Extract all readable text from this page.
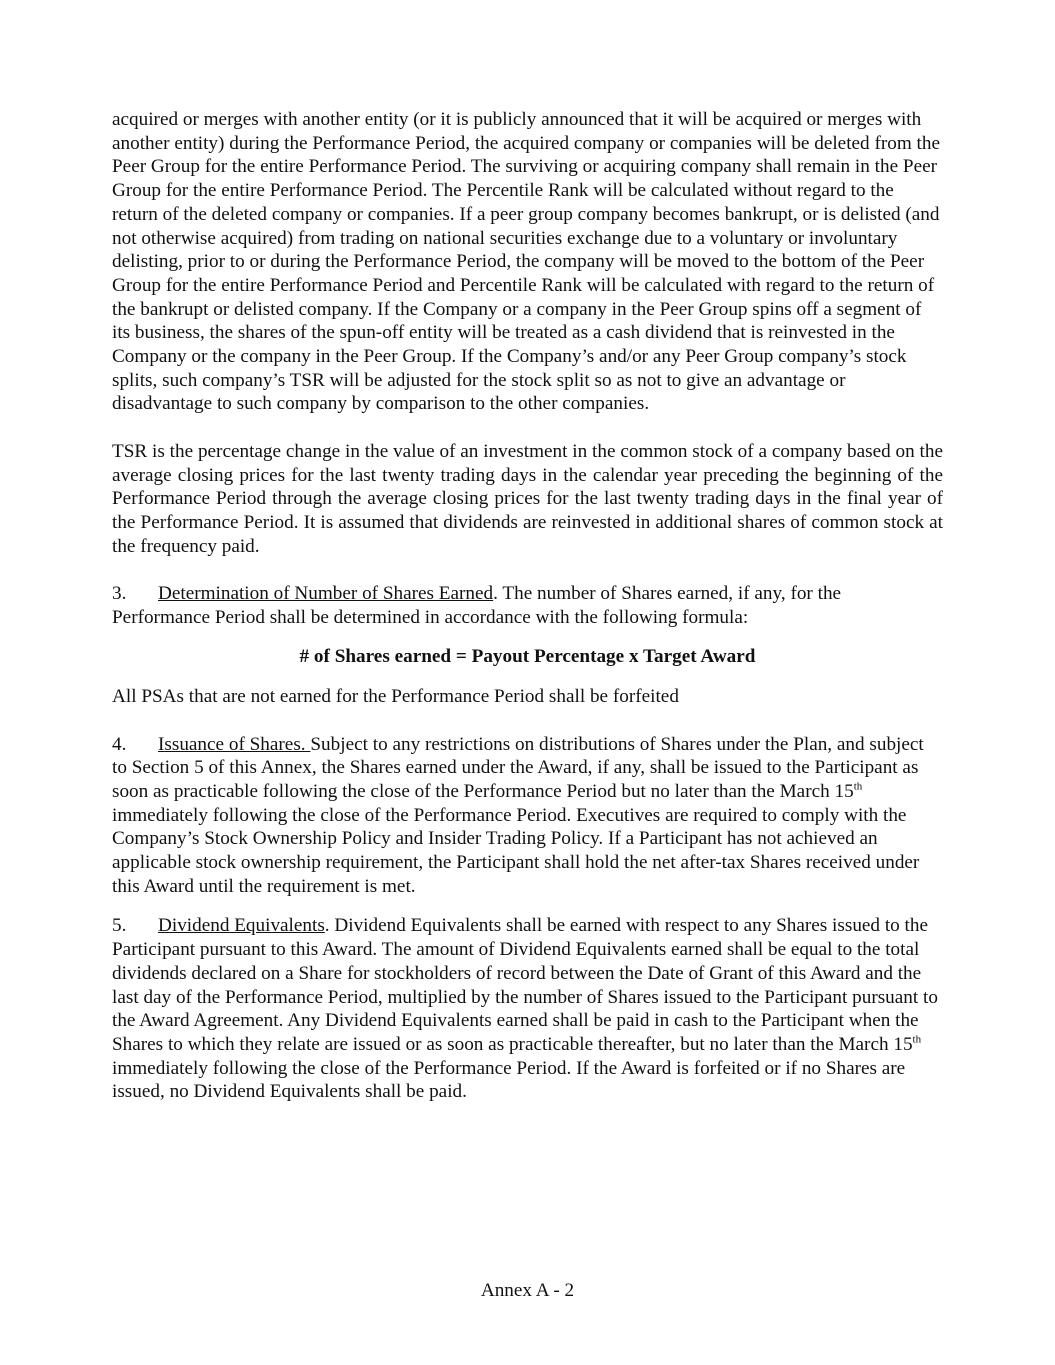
acquired or merges with another entity (or it is publicly announced that it will be acquired or merges with another entity) during the Performance Period, the acquired company or companies will be deleted from the Peer Group for the entire Performance Period. The surviving or acquiring company shall remain in the Peer Group for the entire Performance Period. The Percentile Rank will be calculated without regard to the return of the deleted company or companies. If a peer group company becomes bankrupt, or is delisted (and not otherwise acquired) from trading on national securities exchange due to a voluntary or involuntary delisting, prior to or during the Performance Period, the company will be moved to the bottom of the Peer Group for the entire Performance Period and Percentile Rank will be calculated with regard to the return of the bankrupt or delisted company. If the Company or a company in the Peer Group spins off a segment of its business, the shares of the spun-off entity will be treated as a cash dividend that is reinvested in the Company or the company in the Peer Group. If the Company’s and/or any Peer Group company’s stock splits, such company’s TSR will be adjusted for the stock split so as not to give an advantage or disadvantage to such company by comparison to the other companies.

TSR is the percentage change in the value of an investment in the common stock of a company based on the average closing prices for the last twenty trading days in the calendar year preceding the beginning of the Performance Period through the average closing prices for the last twenty trading days in the final year of the Performance Period. It is assumed that dividends are reinvested in additional shares of common stock at the frequency paid.

3. Determination of Number of Shares Earned. The number of Shares earned, if any, for the Performance Period shall be determined in accordance with the following formula:

# of Shares earned = Payout Percentage x Target Award

All PSAs that are not earned for the Performance Period shall be forfeited

4. Issuance of Shares. Subject to any restrictions on distributions of Shares under the Plan, and subject to Section 5 of this Annex, the Shares earned under the Award, if any, shall be issued to the Participant as soon as practicable following the close of the Performance Period but no later than the March 15th immediately following the close of the Performance Period. Executives are required to comply with the Company’s Stock Ownership Policy and Insider Trading Policy. If a Participant has not achieved an applicable stock ownership requirement, the Participant shall hold the net after-tax Shares received under this Award until the requirement is met.

5. Dividend Equivalents. Dividend Equivalents shall be earned with respect to any Shares issued to the Participant pursuant to this Award. The amount of Dividend Equivalents earned shall be equal to the total dividends declared on a Share for stockholders of record between the Date of Grant of this Award and the last day of the Performance Period, multiplied by the number of Shares issued to the Participant pursuant to the Award Agreement. Any Dividend Equivalents earned shall be paid in cash to the Participant when the Shares to which they relate are issued or as soon as practicable thereafter, but no later than the March 15th immediately following the close of the Performance Period. If the Award is forfeited or if no Shares are issued, no Dividend Equivalents shall be paid.

Annex A - 2
